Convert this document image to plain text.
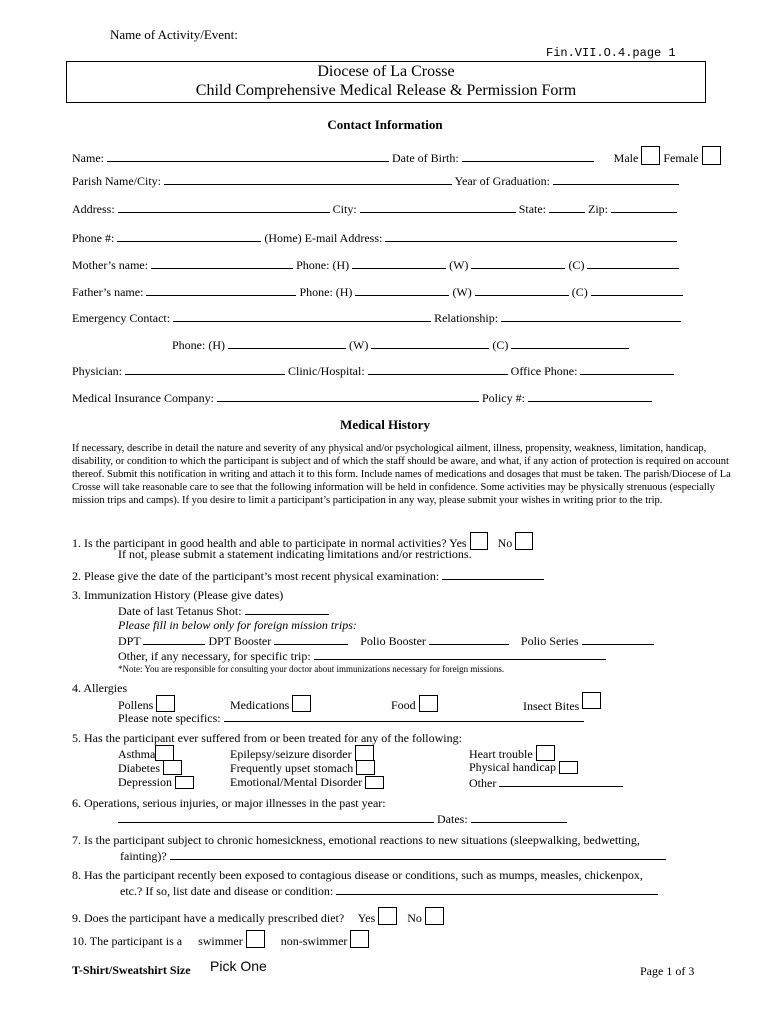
Name of Activity/Event:
Fin.VII.O.4.page 1
Diocese of La Crosse
Child Comprehensive Medical Release & Permission Form
Contact Information
Name:	Date of Birth:	Male Female
Parish Name/City:	Year of Graduation:
Address:	City:	State:	Zip:
Phone #:	(Home) E-mail Address:
Mother’s name:	Phone: (H)	(W)	(C)
Father’s name:	Phone: (H)	(W)	(C)
Emergency Contact:	Relationship:
Phone: (H)	(W)	(C)
Physician:	Clinic/Hospital:	Office Phone:
Medical Insurance Company:	Policy #:
Medical History
If necessary, describe in detail the nature and severity of any physical and/or psychological ailment, illness, propensity, weakness, limitation, handicap, disability, or condition to which the participant is subject and of which the staff should be aware, and what, if any action of protection is required on account thereof. Submit this notification in writing and attach it to this form. Include names of medications and dosages that must be taken. The parish/Diocese of La Crosse will take reasonable care to see that the following information will be held in confidence. Some activities may be physically strenuous (especially mission trips and camps). If you desire to limit a participant’s participation in any way, please submit your wishes in writing prior to the trip.
1. Is the participant in good health and able to participate in normal activities? Yes	No
If not, please submit a statement indicating limitations and/or restrictions.
2. Please give the date of the participant’s most recent physical examination:
3. Immunization History (Please give dates)
Date of last Tetanus Shot:
Please fill in below only for foreign mission trips:
DPT	DPT Booster	Polio Booster	Polio Series
Other, if any necessary, for specific trip:
*Note: You are responsible for consulting your doctor about immunizations necessary for foreign missions.
4. Allergies
Pollens	Medications	Food	Insect Bites
Please note specifics:
5. Has the participant ever suffered from or been treated for any of the following:
Asthma	Epilepsy/seizure disorder	Heart trouble
Diabetes	Frequently upset stomach	Physical handicap
Depression	Emotional/Mental Disorder	Other
6. Operations, serious injuries, or major illnesses in the past year:
Dates:
7. Is the participant subject to chronic homesickness, emotional reactions to new situations (sleepwalking, bedwetting,
fainting)?
8. Has the participant recently been exposed to contagious disease or conditions, such as mumps, measles, chickenpox,
etc.? If so, list date and disease or condition:
9. Does the participant have a medically prescribed diet? Yes	No
10. The participant is a swimmer	non-swimmer
T-Shirt/Sweatshirt Size Pick One	Page 1 of 3
